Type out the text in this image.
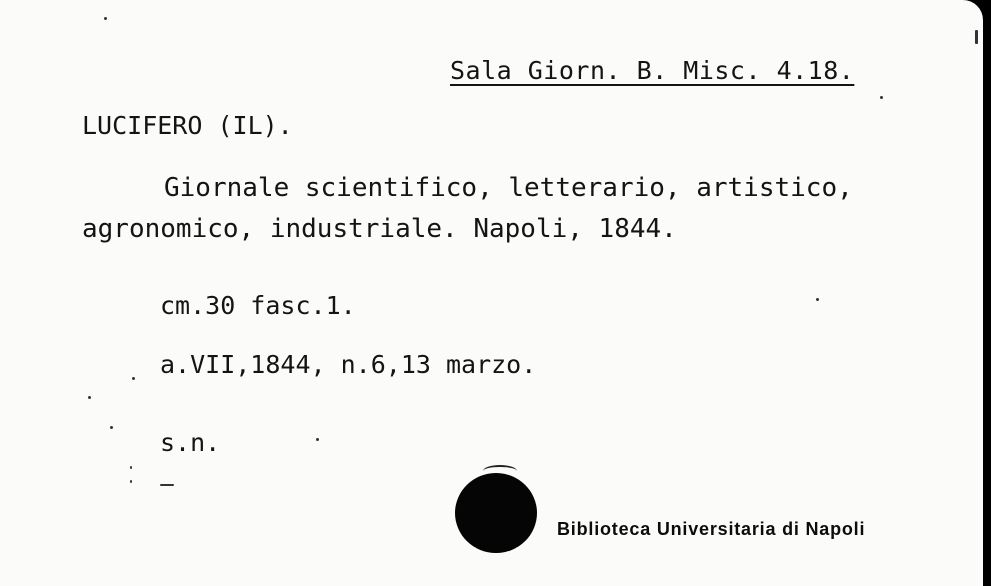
Sala Giorn. B. Misc. 4.18.
LUCIFERO (IL).
Giornale scientifico, letterario, artistico,
agronomico, industriale. Napoli, 1844.
cm.30 fasc.1.
a.VII,1844, n.6,13 marzo.
s.n.
Biblioteca Universitaria di Napoli
